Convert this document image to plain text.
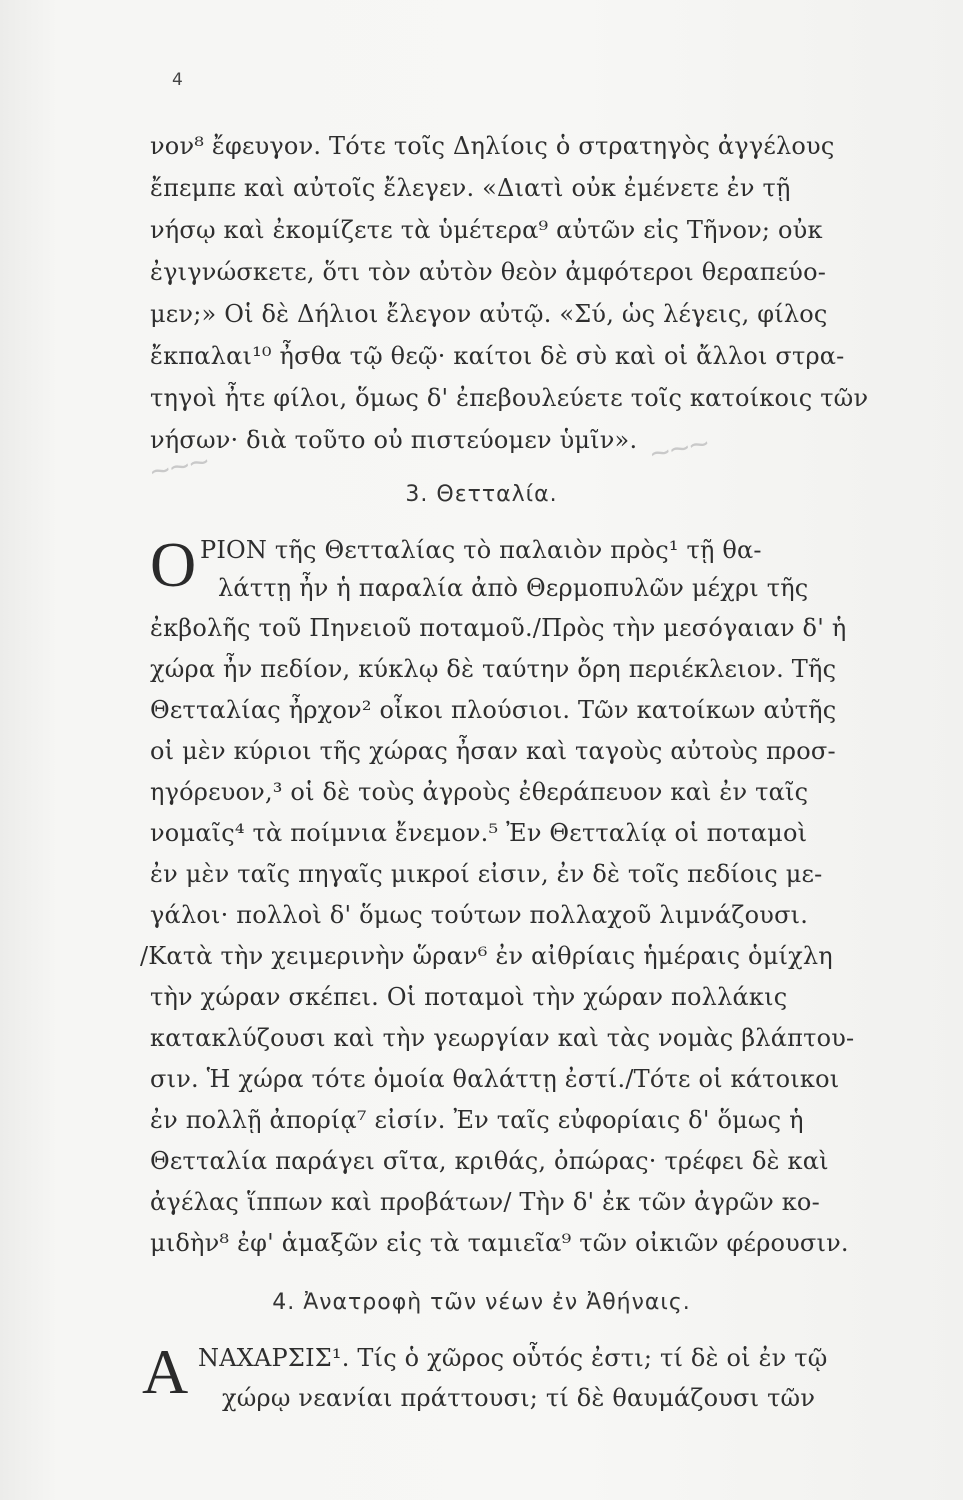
4
~~~
~~~
νον⁸ ἔφευγον. Τότε τοῖς Δηλίοις ὁ στρατηγὸς ἀγγέλους
ἔπεμπε καὶ αὐτοῖς ἔλεγεν. «Διατὶ οὐκ ἐμένετε ἐν τῇ
νήσῳ καὶ ἐκομίζετε τὰ ὑμέτερα⁹ αὐτῶν εἰς Τῆνον; οὐκ
ἐγιγνώσκετε, ὅτι τὸν αὐτὸν θεὸν ἀμφότεροι θεραπεύο-
μεν;» Οἱ δὲ Δήλιοι ἔλεγον αὐτῷ. «Σύ, ὡς λέγεις, φίλος
ἔκπαλαι¹⁰ ἦσθα τῷ θεῷ· καίτοι δὲ σὺ καὶ οἱ ἄλλοι στρα-
τηγοὶ ἦτε φίλοι, ὅμως δ' ἐπεβουλεύετε τοῖς κατοίκοις τῶν
νήσων· διὰ τοῦτο οὐ πιστεύομεν ὑμῖν».
3. Θετταλία.
Ο ΡΙΟΝ τῆς Θετταλίας τὸ παλαιὸν πρὸς¹ τῇ θα-
λάττῃ ἦν ἡ παραλία ἀπὸ Θερμοπυλῶν μέχρι τῆς
ἐκβολῆς τοῦ Πηνειοῦ ποταμοῦ./Πρὸς τὴν μεσόγαιαν δ' ἡ
χώρα ἦν πεδίον, κύκλῳ δὲ ταύτην ὄρη περιέκλειον. Τῆς
Θετταλίας ἦρχον² οἶκοι πλούσιοι. Τῶν κατοίκων αὐτῆς
οἱ μὲν κύριοι τῆς χώρας ἦσαν καὶ ταγοὺς αὐτοὺς προσ-
ηγόρευον,³ οἱ δὲ τοὺς ἀγροὺς ἐθεράπευον καὶ ἐν ταῖς
νομαῖς⁴ τὰ ποίμνια ἔνεμον.⁵ Ἐν Θετταλίᾳ οἱ ποταμοὶ
ἐν μὲν ταῖς πηγαῖς μικροί εἰσιν, ἐν δὲ τοῖς πεδίοις με-
γάλοι· πολλοὶ δ' ὅμως τούτων πολλαχοῦ λιμνάζουσι.
/Κατὰ τὴν χειμερινὴν ὥραν⁶ ἐν αἰθρίαις ἡμέραις ὁμίχλη
τὴν χώραν σκέπει. Οἱ ποταμοὶ τὴν χώραν πολλάκις
κατακλύζουσι καὶ τὴν γεωργίαν καὶ τὰς νομὰς βλάπτου-
σιν. Ἡ χώρα τότε ὁμοία θαλάττῃ ἐστί./Τότε οἱ κάτοικοι
ἐν πολλῇ ἀπορίᾳ⁷ εἰσίν. Ἐν ταῖς εὐφορίαις δ' ὅμως ἡ
Θετταλία παράγει σῖτα, κριθάς, ὀπώρας· τρέφει δὲ καὶ
ἀγέλας ἵππων καὶ προβάτων/ Τὴν δ' ἐκ τῶν ἀγρῶν κο-
μιδὴν⁸ ἐφ' ἁμαξῶν εἰς τὰ ταμιεῖα⁹ τῶν οἰκιῶν φέρουσιν.
4. Ἀνατροφὴ τῶν νέων ἐν Ἀθήναις.
Α ΝΑΧΑΡΣΙΣ¹. Τίς ὁ χῶρος οὗτός ἐστι; τί δὲ οἱ ἐν τῷ
χώρῳ νεανίαι πράττουσι; τί δὲ θαυμάζουσι τῶν
